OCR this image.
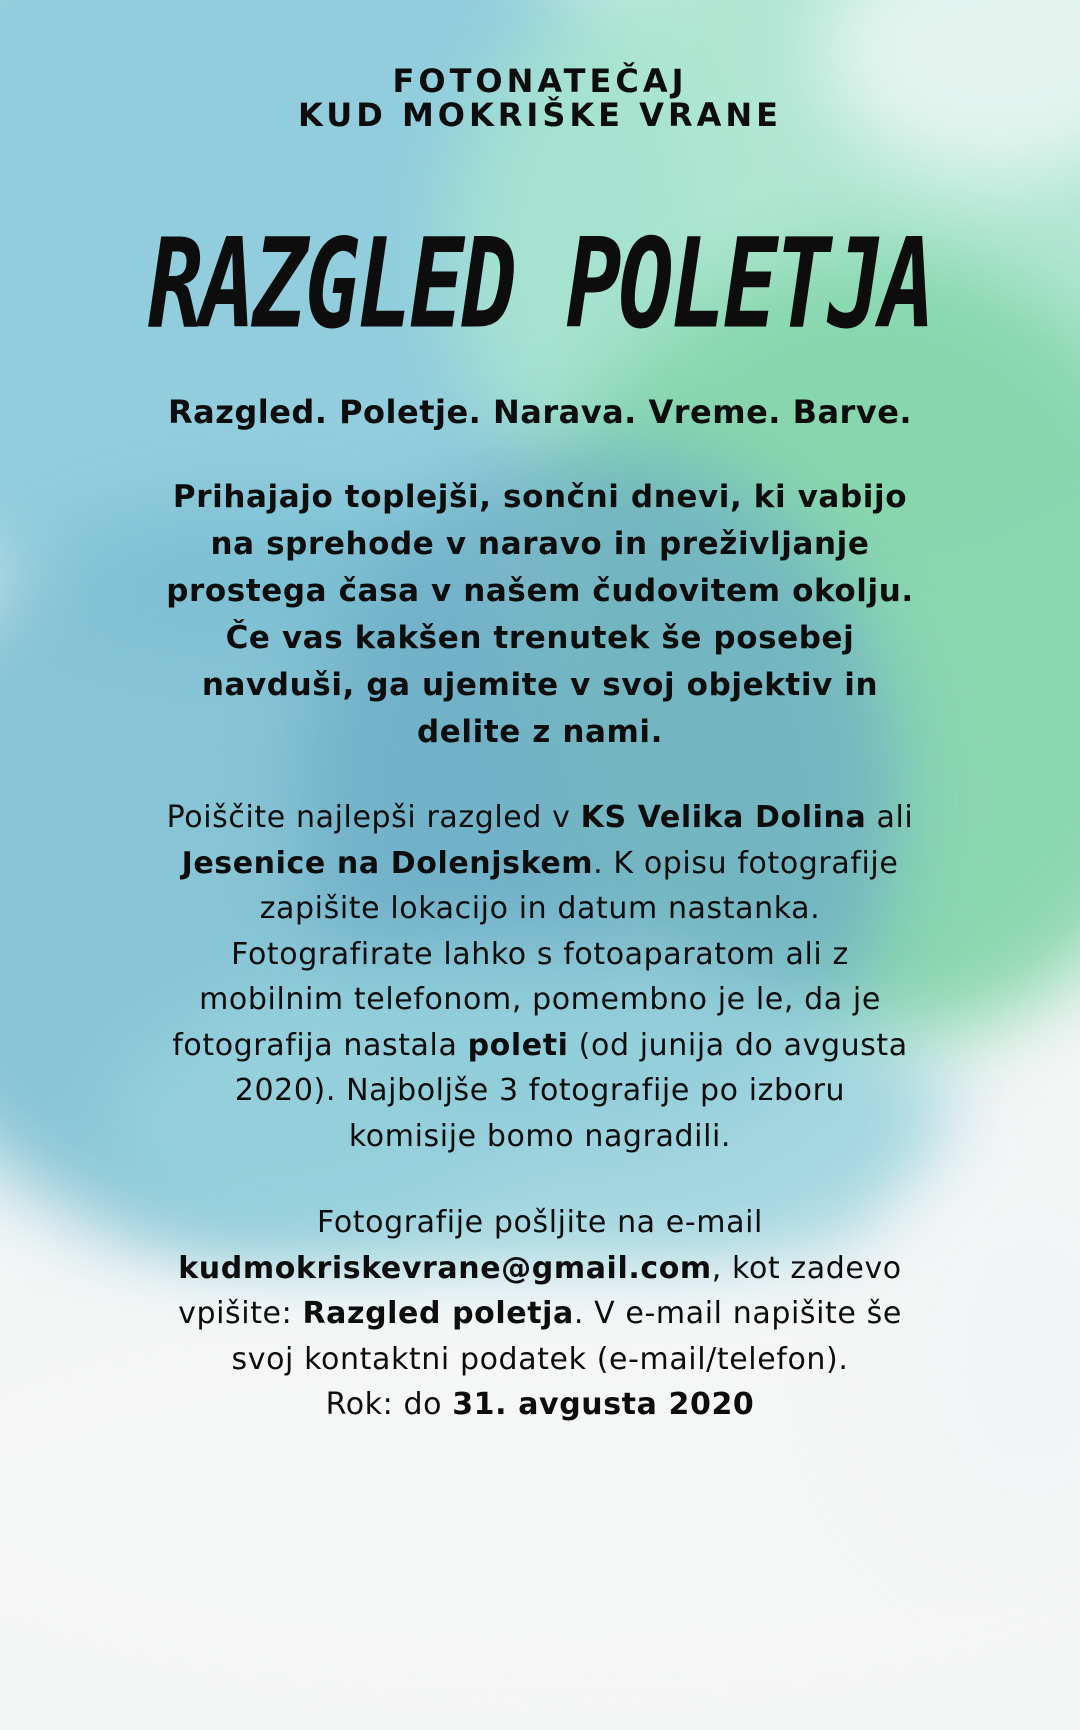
FOTONATEČAJ
KUD MOKRIŠKE VRANE
RAZGLED POLETJA
Razgled. Poletje. Narava. Vreme. Barve.
Prihajajo toplejši, sončni dnevi, ki vabijo
na sprehode v naravo in preživljanje
prostega časa v našem čudovitem okolju.
Če vas kakšen trenutek še posebej
navduši, ga ujemite v svoj objektiv in
delite z nami.
Poiščite najlepši razgled v KS Velika Dolina ali
Jesenice na Dolenjskem. K opisu fotografije
zapišite lokacijo in datum nastanka.
Fotografirate lahko s fotoaparatom ali z
mobilnim telefonom, pomembno je le, da je
fotografija nastala poleti (od junija do avgusta
2020). Najboljše 3 fotografije po izboru
komisije bomo nagradili.
Fotografije pošljite na e-mail
kudmokriskevrane@gmail.com, kot zadevo
vpišite: Razgled poletja. V e-mail napišite še
svoj kontaktni podatek (e-mail/telefon).
Rok: do 31. avgusta 2020
